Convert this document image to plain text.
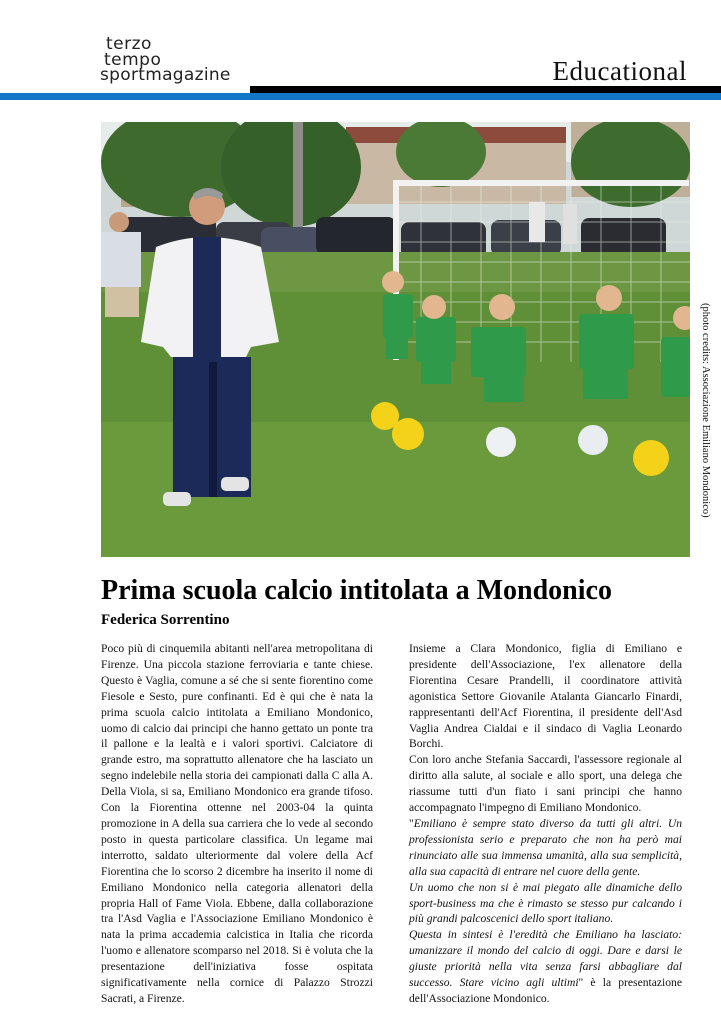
terzo
tempo
sportmagazine	Educational
(photo credits: Associazione Emiliano Mondonico)
Prima scuola calcio intitolata a Mondonico
Federica Sorrentino

Poco più di cinquemila abitanti nell'area metropolitana di Firenze. Una piccola stazione ferroviaria e tante chiese. Questo è Vaglia, comune a sé che si sente fiorentino come Fiesole e Sesto, pure confinanti. Ed è qui che è nata la prima scuola calcio intitolata a Emiliano Mondonico, uomo di calcio dai principi che hanno gettato un ponte tra il pallone e la lealtà e i valori sportivi. Calciatore di grande estro, ma soprattutto allenatore che ha lasciato un segno indelebile nella storia dei campionati dalla C alla A. Della Viola, si sa, Emiliano Mondonico era grande tifoso. Con la Fiorentina ottenne nel 2003-04 la quinta promozione in A della sua carriera che lo vede al secondo posto in questa particolare classifica. Un legame mai interrotto, saldato ulteriormente dal volere della Acf Fiorentina che lo scorso 2 dicembre ha inserito il nome di Emiliano Mondonico nella categoria allenatori della propria Hall of Fame Viola. Ebbene, dalla collaborazione tra l'Asd Vaglia e l'Associazione Emiliano Mondonico è nata la prima accademia calcistica in Italia che ricorda l'uomo e allenatore scomparso nel 2018. Si è voluta che la presentazione dell'iniziativa fosse ospitata significativamente nella cornice di Palazzo Strozzi Sacrati, a Firenze.

Insieme a Clara Mondonico, figlia di Emiliano e presidente dell'Associazione, l'ex allenatore della Fiorentina Cesare Prandelli, il coordinatore attività agonistica Settore Giovanile Atalanta Giancarlo Finardi, rappresentanti dell'Acf Fiorentina, il presidente dell'Asd Vaglia Andrea Cialdai e il sindaco di Vaglia Leonardo Borchi.

Con loro anche Stefania Saccardi, l'assessore regionale al diritto alla salute, al sociale e allo sport, una delega che riassume tutti d'un fiato i sani principi che hanno accompagnato l'impegno di Emiliano Mondonico.

"Emiliano è sempre stato diverso da tutti gli altri. Un professionista serio e preparato che non ha però mai rinunciato alle sua immensa umanità, alla sua semplicità, alla sua capacità di entrare nel cuore della gente.

Un uomo che non si è mai piegato alle dinamiche dello sport-business ma che è rimasto se stesso pur calcando i più grandi palcoscenici dello sport italiano.

Questa in sintesi è l'eredità che Emiliano ha lasciato: umanizzare il mondo del calcio di oggi. Dare e darsi le giuste priorità nella vita senza farsi abbagliare dal successo. Stare vicino agli ultimi" è la presentazione dell'Associazione Mondonico.
